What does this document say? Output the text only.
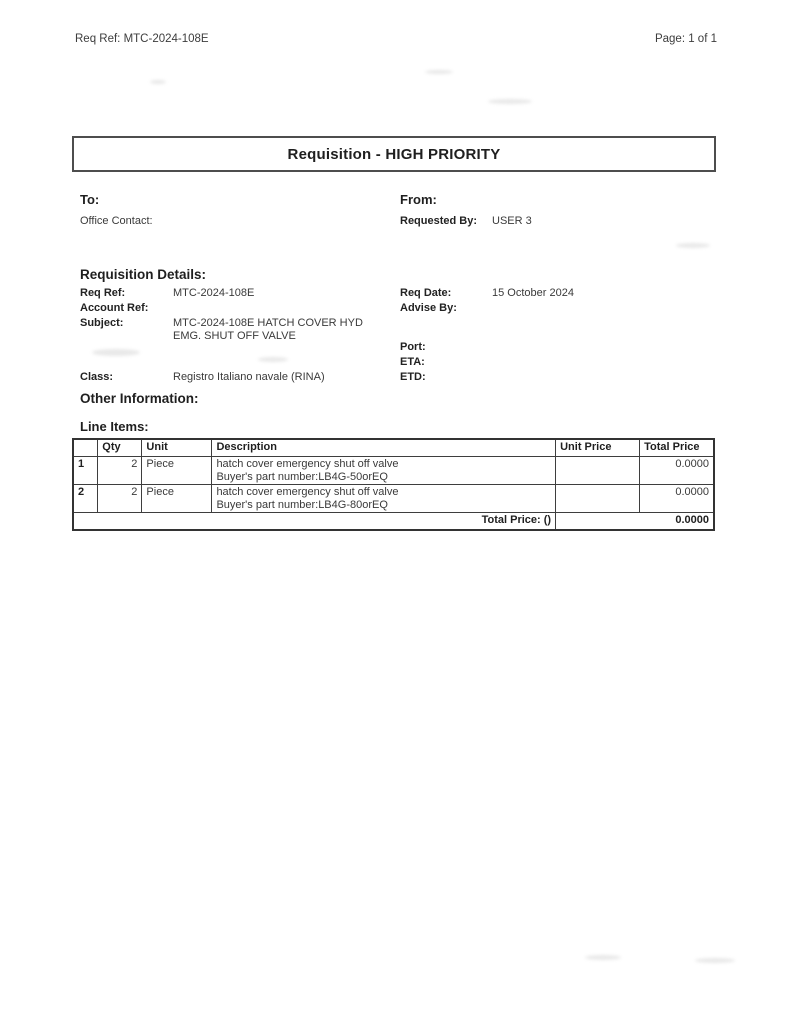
Req Ref: MTC-2024-108E	Page: 1 of 1
Requisition - HIGH PRIORITY
To:
Office Contact:
From:
Requested By:	USER 3
Requisition Details:
Req Ref:	MTC-2024-108E
Account Ref:
Subject:	MTC-2024-108E HATCH COVER HYD
EMG. SHUT OFF VALVE
Class:	Registro Italiano navale (RINA)
Req Date:	15 October 2024
Advise By:
Port:
ETA:
ETD:
Other Information:
Line Items:
	Qty	Unit	Description	Unit Price	Total Price
1	2	Piece	hatch cover emergency shut off valve
Buyer's part number:LB4G-50orEQ		0.0000
2	2	Piece	hatch cover emergency shut off valve
Buyer's part number:LB4G-80orEQ		0.0000
Total Price: ()				0.0000	
